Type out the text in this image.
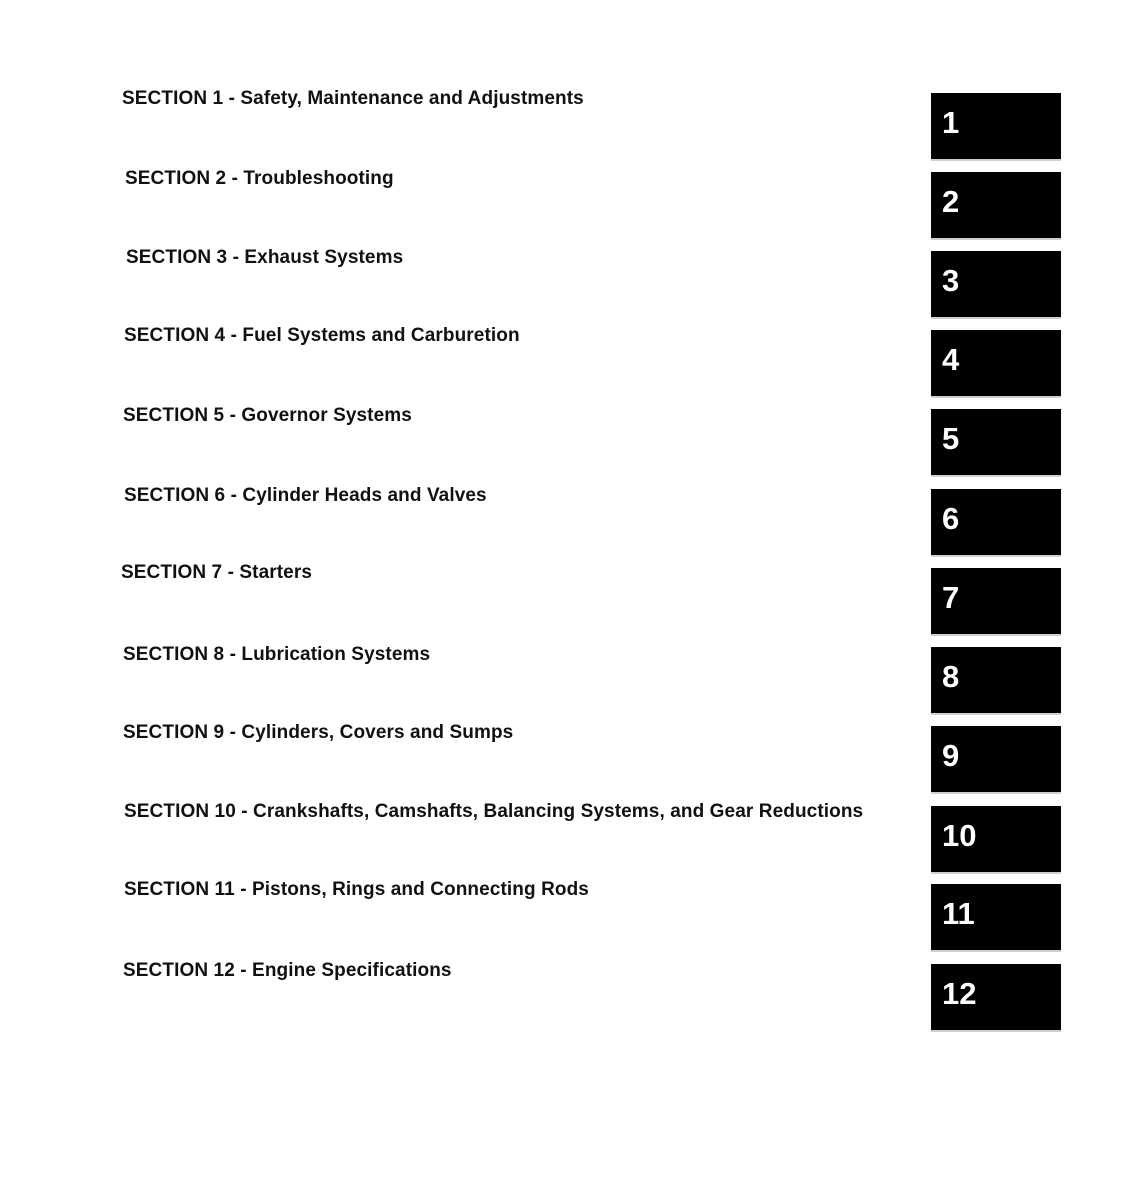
SECTION 1 - Safety, Maintenance and Adjustments
SECTION 2 - Troubleshooting
SECTION 3 - Exhaust Systems
SECTION 4 - Fuel Systems and Carburetion
SECTION 5 - Governor Systems
SECTION 6 - Cylinder Heads and Valves
SECTION 7 - Starters
SECTION 8 - Lubrication Systems
SECTION 9 - Cylinders, Covers and Sumps
SECTION 10 - Crankshafts, Camshafts, Balancing Systems, and Gear Reductions
SECTION 11 - Pistons, Rings and Connecting Rods
SECTION 12 - Engine Specifications
1
2
3
4
5
6
7
8
9
10
11
12
